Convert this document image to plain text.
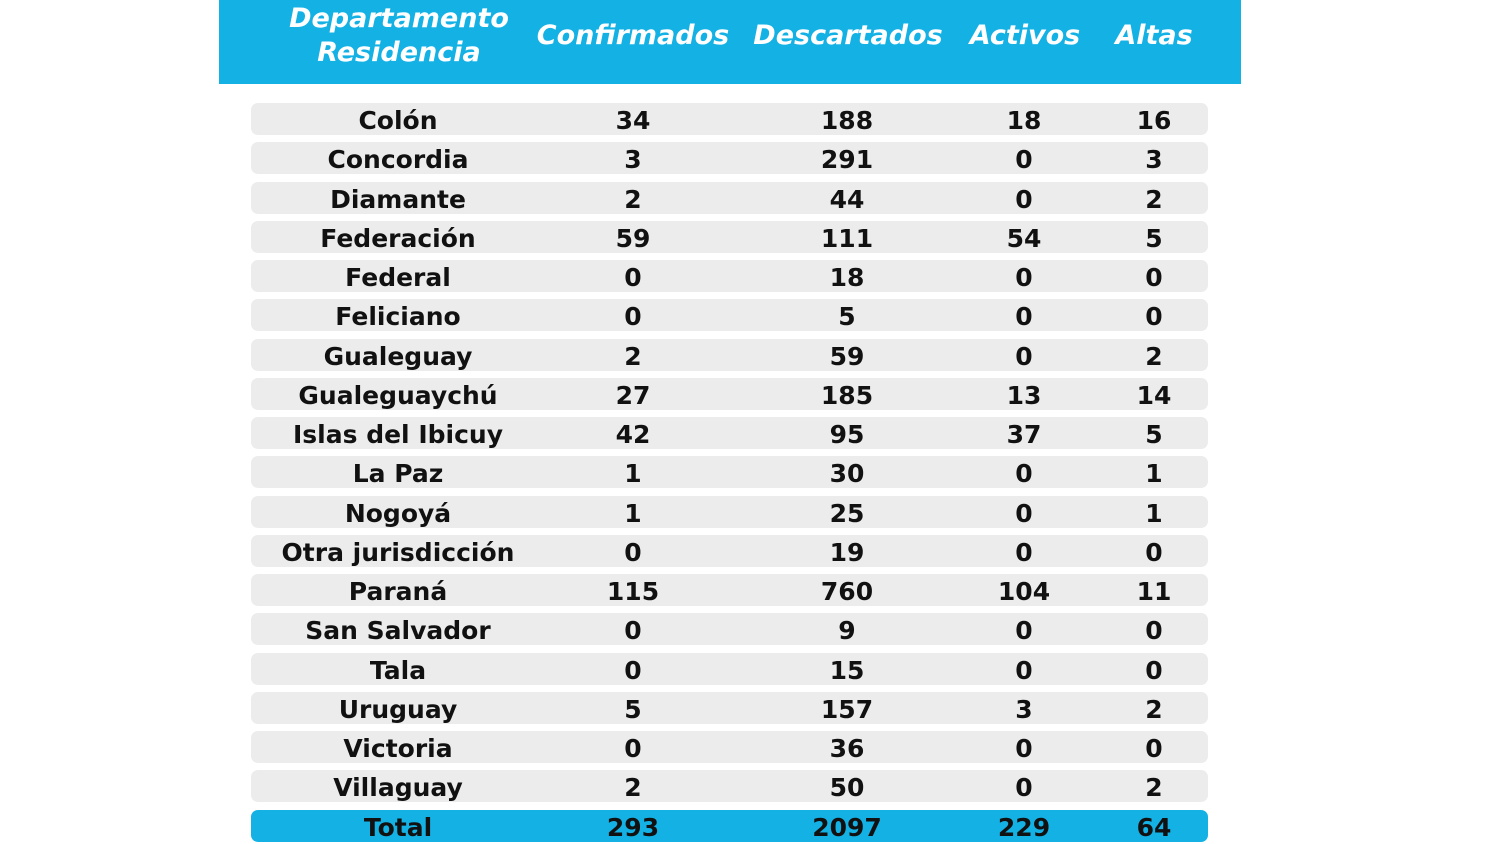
Departamento
Residencia
Confirmados Descartados	Activos	Altas
Colón	34	188	18	16
Concordia	3	291	0	3
Diamante	2	44	0	2
Federación	59	111	54	5
Federal	0	18	0	0
Feliciano	0	5	0	0
Gualeguay	2	59	0	2
Gualeguaychú	27	185	13	14
Islas del Ibicuy	42	95	37	5
La Paz	1	30	0	1
Nogoyá	1	25	0	1
Otra jurisdicción	0	19	0	0
Paraná	115	760	104	11
San Salvador	0	9	0	0
Tala	0	15	0	0
Uruguay	5	157	3	2
Victoria	0	36	0	0
Villaguay	2	50	0	2
Total	293	2097	229	64
